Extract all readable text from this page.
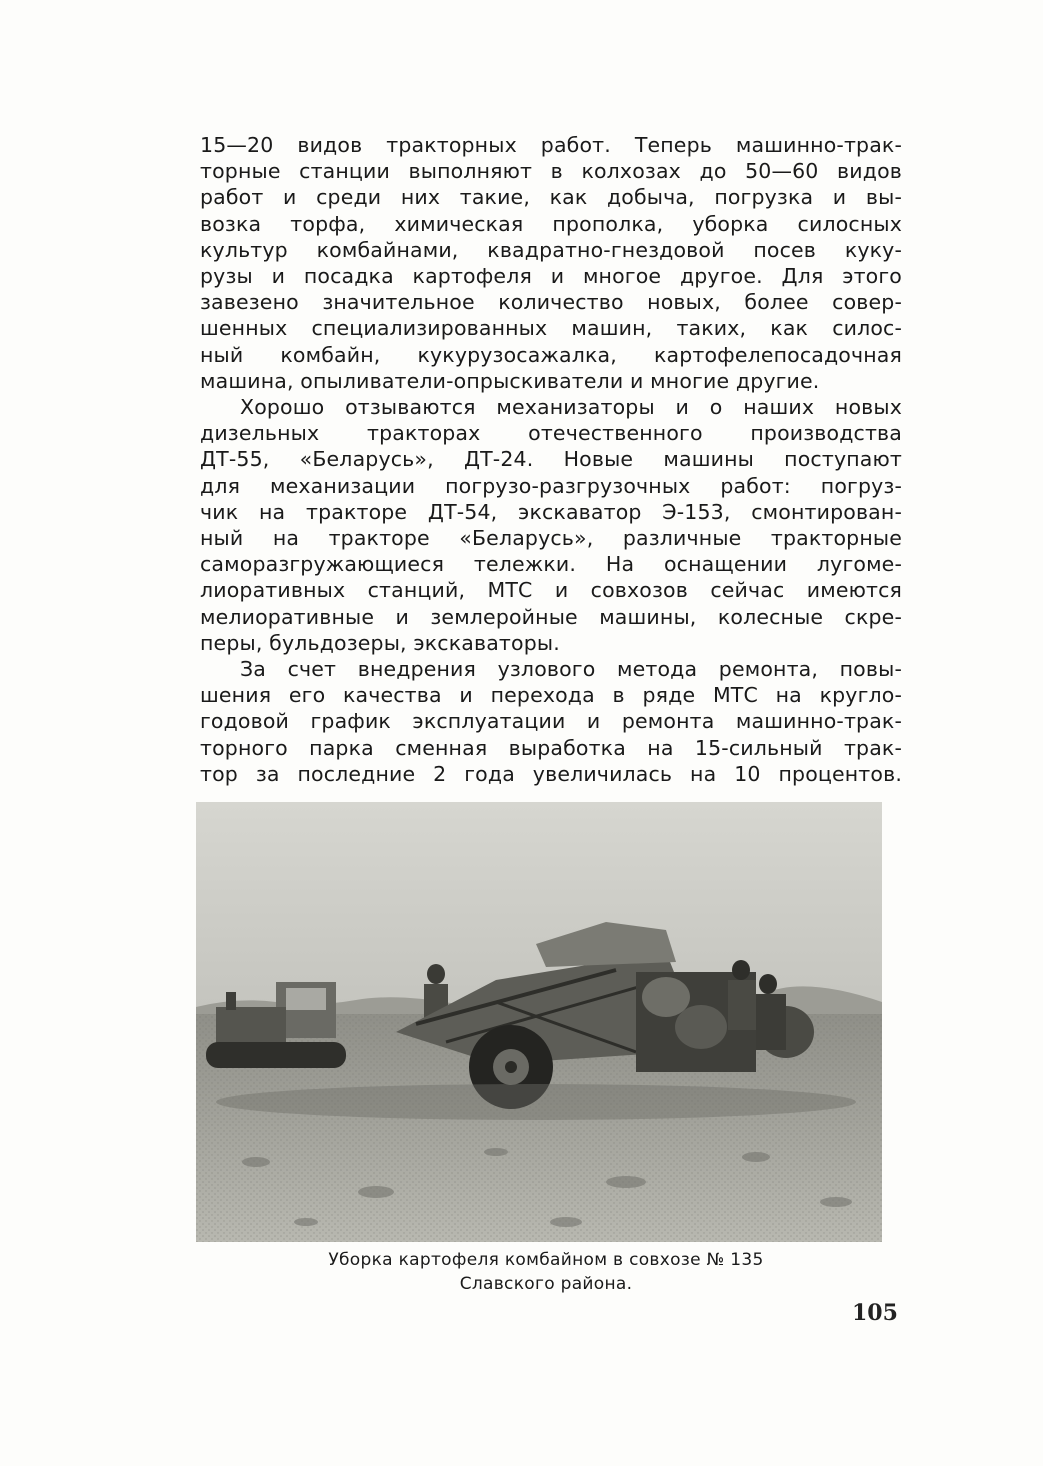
15—20 видов тракторных работ. Теперь машинно-трак-
торные станции выполняют в колхозах до 50—60 видов
работ и среди них такие, как добыча, погрузка и вы-
возка торфа, химическая прополка, уборка силосных
культур комбайнами, квадратно-гнездовой посев куку-
рузы и посадка картофеля и многое другое. Для этого
завезено значительное количество новых, более совер-
шенных специализированных машин, таких, как силос-
ный комбайн, кукурузосажалка, картофелепосадочная
машина, опыливатели-опрыскиватели и многие другие.
Хорошо отзываются механизаторы и о наших новых
дизельных тракторах отечественного производства
ДТ-55, «Беларусь», ДТ-24. Новые машины поступают
для механизации погрузо-разгрузочных работ: погруз-
чик на тракторе ДТ-54, экскаватор Э-153, смонтирован-
ный на тракторе «Беларусь», различные тракторные
саморазгружающиеся тележки. На оснащении лугоме-
лиоративных станций, МТС и совхозов сейчас имеются
мелиоративные и землеройные машины, колесные скре-
перы, бульдозеры, экскаваторы.
За счет внедрения узлового метода ремонта, повы-
шения его качества и перехода в ряде МТС на кругло-
годовой график эксплуатации и ремонта машинно-трак-
торного парка сменная выработка на 15-сильный трак-
тор за последние 2 года увеличилась на 10 процентов.
Уборка картофеля комбайном в совхозе № 135
Славского района.
105
